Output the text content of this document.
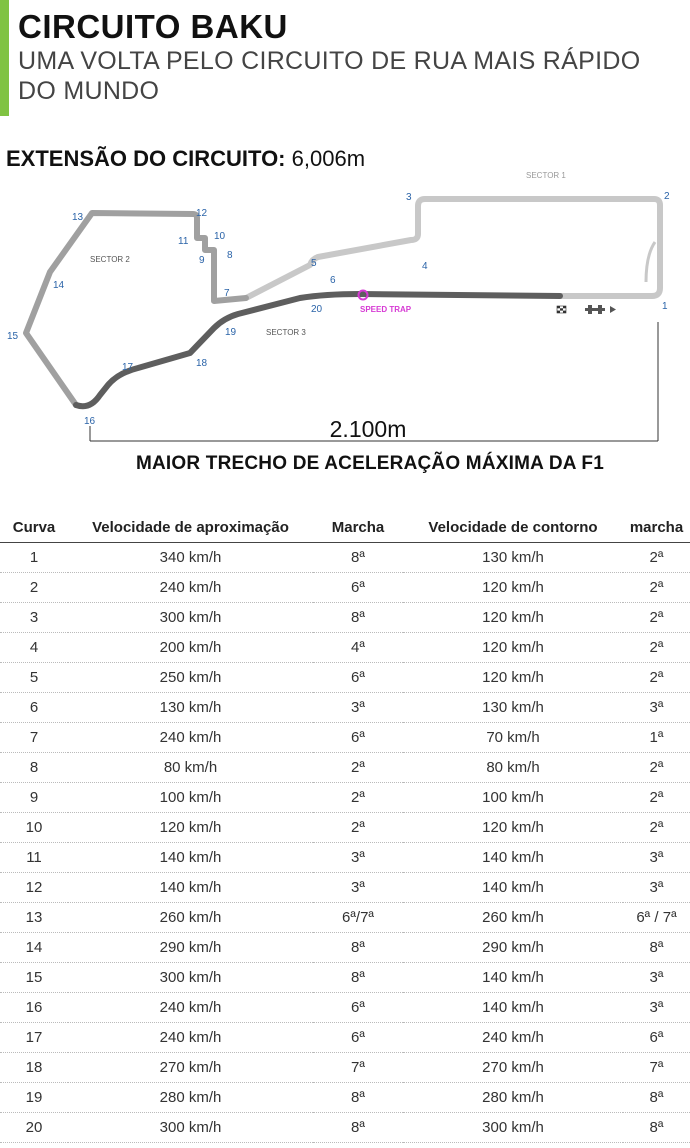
CIRCUITO BAKU
UMA VOLTA PELO CIRCUITO DE RUA MAIS RÁPIDO DO MUNDO
EXTENSÃO DO CIRCUITO: 6,006m
SPEED TRAP
SECTOR 1
SECTOR 2
SECTOR 3
1
2
3
4
5
6
7
8
9
10
11
12
13
14
15
16
17	18
19
20
2.100m
MAIOR TRECHO DE ACELERAÇÃO MÁXIMA DA F1
Curva	Velocidade de aproximação	Marcha	Velocidade de contorno	marcha
1	340 km/h	8ª	130 km/h	2ª
2	240 km/h	6ª	120 km/h	2ª
3	300 km/h	8ª	120 km/h	2ª
4	200 km/h	4ª	120 km/h	2ª
5	250 km/h	6ª	120 km/h	2ª
6	130 km/h	3ª	130 km/h	3ª
7	240 km/h	6ª	70 km/h	1ª
8	80 km/h	2ª	80 km/h	2ª
9	100 km/h	2ª	100 km/h	2ª
10	120 km/h	2ª	120 km/h	2ª
11	140 km/h	3ª	140 km/h	3ª
12	140 km/h	3ª	140 km/h	3ª
13	260 km/h	6ª/7ª	260 km/h	6ª / 7ª
14	290 km/h	8ª	290 km/h	8ª
15	300 km/h	8ª	140 km/h	3ª
16	240 km/h	6ª	140 km/h	3ª
17	240 km/h	6ª	240 km/h	6ª
18	270 km/h	7ª	270 km/h	7ª
19	280 km/h	8ª	280 km/h	8ª
20	300 km/h	8ª	300 km/h	8ª
